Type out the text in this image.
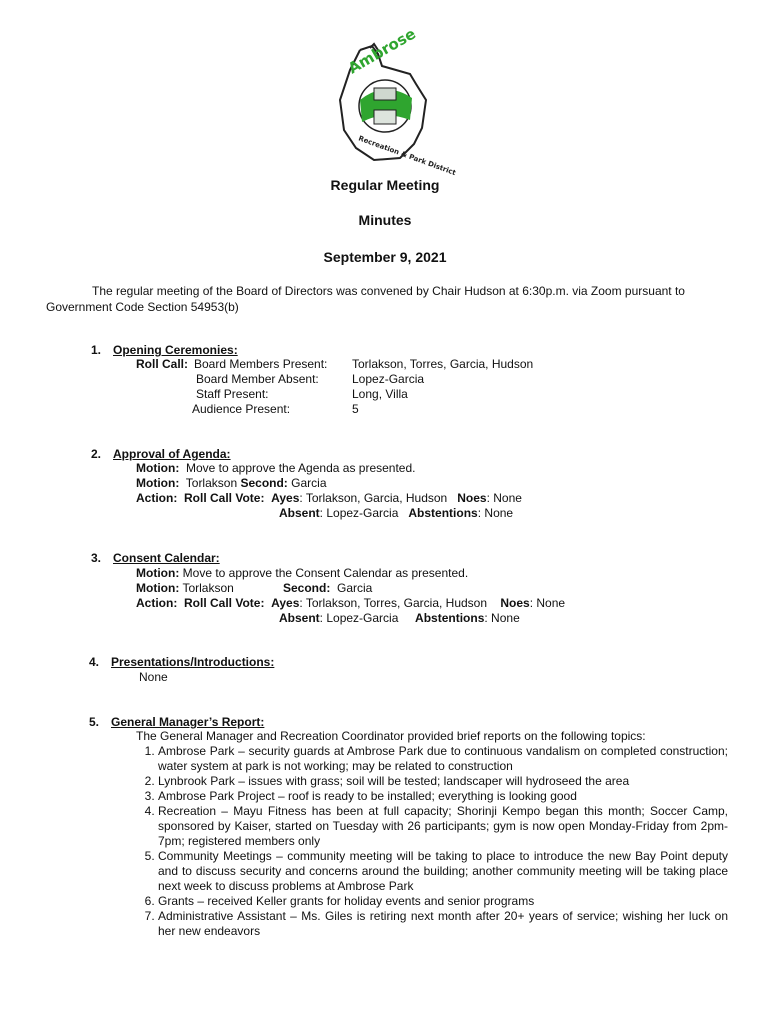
Ambrose
Recreation & Park District
Regular Meeting
Minutes
September 9, 2021
The regular meeting of the Board of Directors was convened by Chair Hudson at 6:30p.m. via Zoom pursuant to
Government Code Section 54953(b)
1. Opening Ceremonies:
Roll Call: Board Members Present: Torlakson, Torres, Garcia, Hudson
Board Member Absent:	Lopez-Garcia
Staff Present:	Long, Villa
Audience Present:	5
2. Approval of Agenda:
Motion: Move to approve the Agenda as presented.
Motion: Torlakson Second: Garcia
Action: Roll Call Vote: Ayes: Torlakson, Garcia, Hudson Noes: None
Absent: Lopez-Garcia Abstentions: None
3. Consent Calendar:
Motion: Move to approve the Consent Calendar as presented.
Motion: Torlakson	Second: Garcia
Action: Roll Call Vote: Ayes: Torlakson, Torres, Garcia, Hudson Noes: None
Absent: Lopez-Garcia Abstentions: None
4. Presentations/Introductions:
None
5. General Manager’s Report:
The General Manager and Recreation Coordinator provided brief reports on the following topics:
1. Ambrose Park – security guards at Ambrose Park due to continuous vandalism on completed construction; water system at park is not working; may be related to construction
2. Lynbrook Park – issues with grass; soil will be tested; landscaper will hydroseed the area
3. Ambrose Park Project – roof is ready to be installed; everything is looking good
4. Recreation – Mayu Fitness has been at full capacity; Shorinji Kempo began this month; Soccer Camp, sponsored by Kaiser, started on Tuesday with 26 participants; gym is now open Monday-Friday from 2pm-7pm; registered members only
5. Community Meetings – community meeting will be taking to place to introduce the new Bay Point deputy and to discuss security and concerns around the building; another community meeting will be taking place next week to discuss problems at Ambrose Park
6. Grants – received Keller grants for holiday events and senior programs
7. Administrative Assistant – Ms. Giles is retiring next month after 20+ years of service; wishing her luck on her new endeavors
